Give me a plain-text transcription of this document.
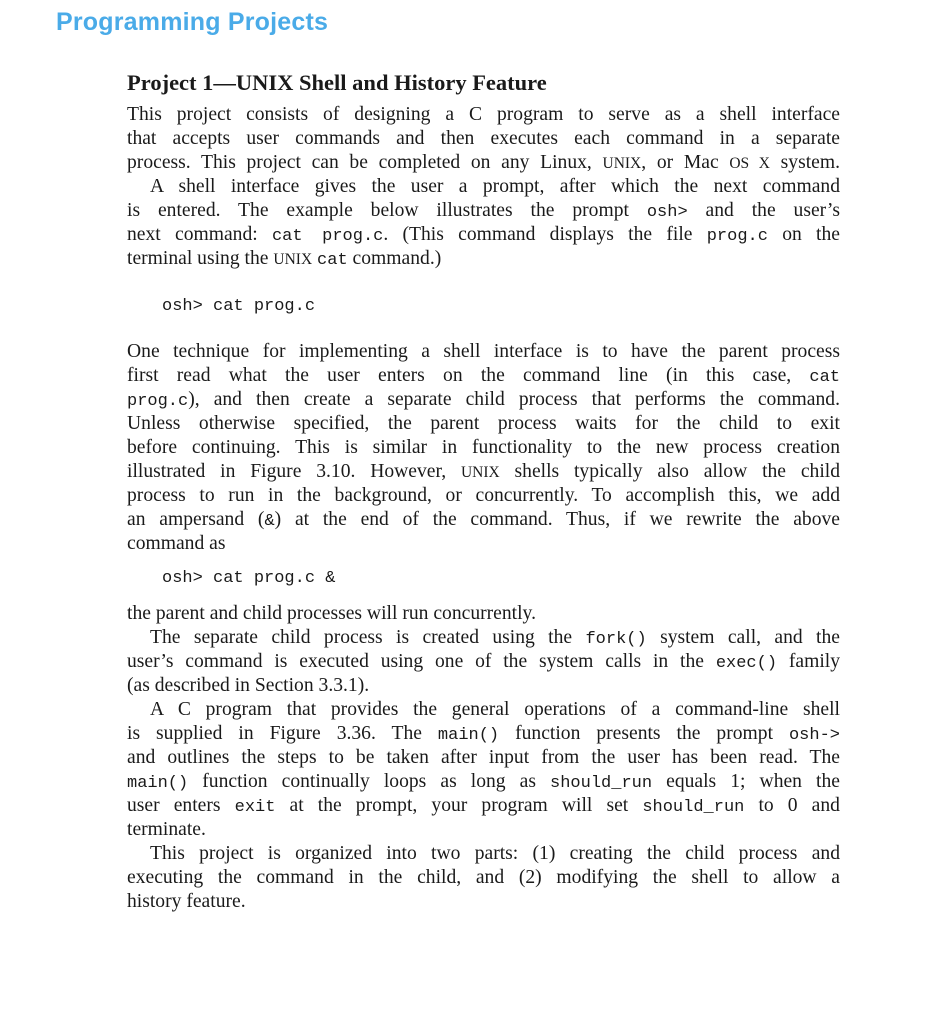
Programming Projects
Project 1—UNIX Shell and History Feature
This project consists of designing a C program to serve as a shell interface
that accepts user commands and then executes each command in a separate
process. This project can be completed on any Linux, UNIX, or Mac OS X system.
A shell interface gives the user a prompt, after which the next command
is entered. The example below illustrates the prompt osh> and the user’s
next command: cat prog.c. (This command displays the file prog.c on the
terminal using the UNIX cat command.)
osh> cat prog.c
One technique for implementing a shell interface is to have the parent process
first read what the user enters on the command line (in this case, cat
prog.c), and then create a separate child process that performs the command.
Unless otherwise specified, the parent process waits for the child to exit
before continuing. This is similar in functionality to the new process creation
illustrated in Figure 3.10. However, UNIX shells typically also allow the child
process to run in the background, or concurrently. To accomplish this, we add
an ampersand (&) at the end of the command. Thus, if we rewrite the above
command as
osh> cat prog.c &
the parent and child processes will run concurrently.
The separate child process is created using the fork() system call, and the
user’s command is executed using one of the system calls in the exec() family
(as described in Section 3.3.1).
A C program that provides the general operations of a command-line shell
is supplied in Figure 3.36. The main() function presents the prompt osh->
and outlines the steps to be taken after input from the user has been read. The
main() function continually loops as long as should_run equals 1; when the
user enters exit at the prompt, your program will set should_run to 0 and
terminate.
This project is organized into two parts: (1) creating the child process and
executing the command in the child, and (2) modifying the shell to allow a
history feature.
